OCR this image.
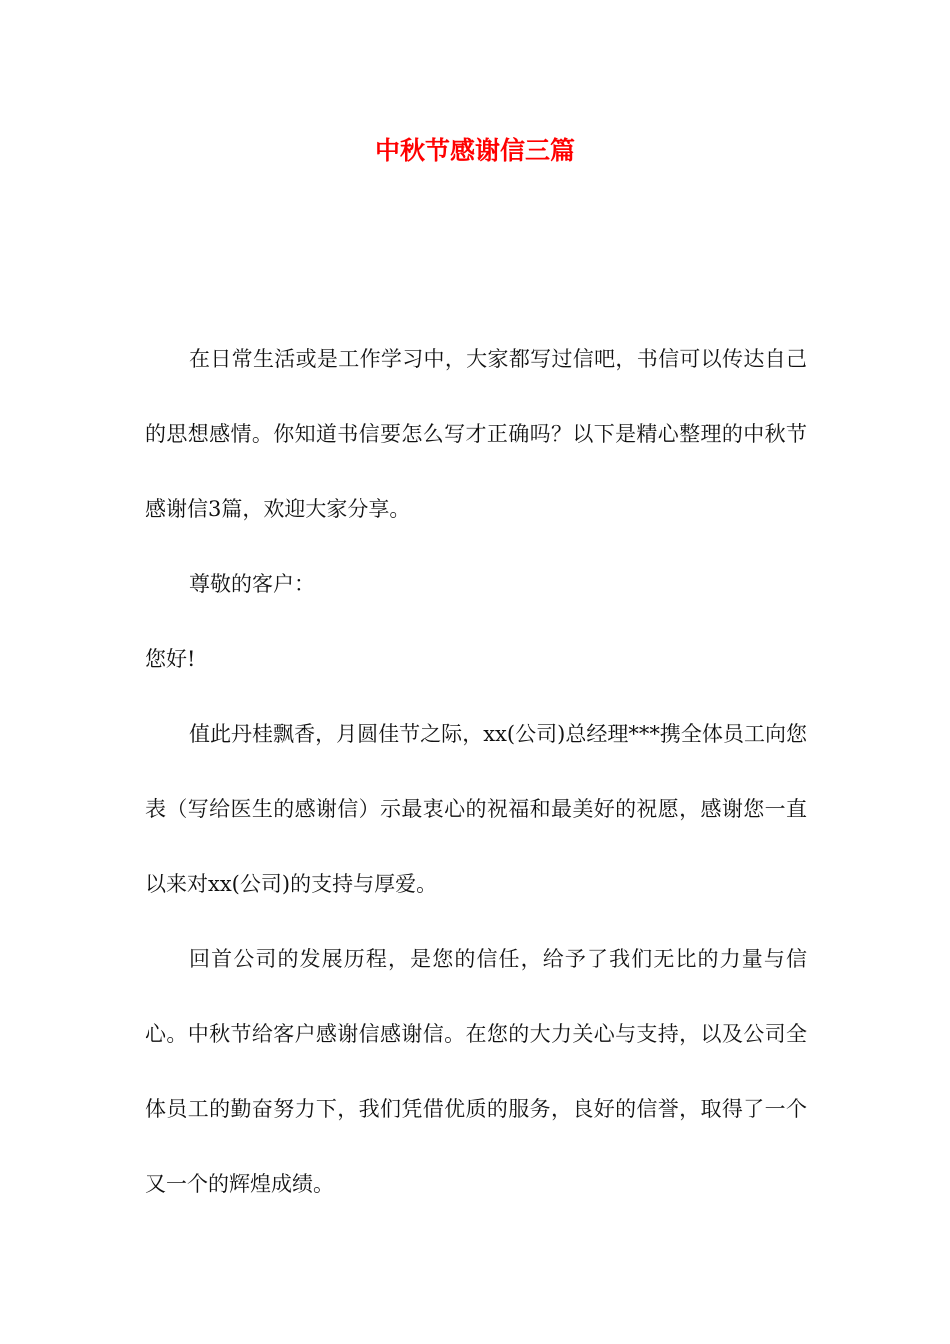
中秋节感谢信三篇

在日常生活或是工作学习中，大家都写过信吧，书信可以传达自己的思想感情。你知道书信要怎么写才正确吗？以下是精心整理的中秋节感谢信3篇，欢迎大家分享。

尊敬的客户：

您好!

值此丹桂飘香，月圆佳节之际，xx(公司)总经理***携全体员工向您表（写给医生的感谢信）示最衷心的祝福和最美好的祝愿，感谢您一直以来对xx(公司)的支持与厚爱。

回首公司的发展历程，是您的信任，给予了我们无比的力量与信心。中秋节给客户感谢信感谢信。在您的大力关心与支持，以及公司全体员工的勤奋努力下，我们凭借优质的服务，良好的信誉，取得了一个又一个的辉煌成绩。
